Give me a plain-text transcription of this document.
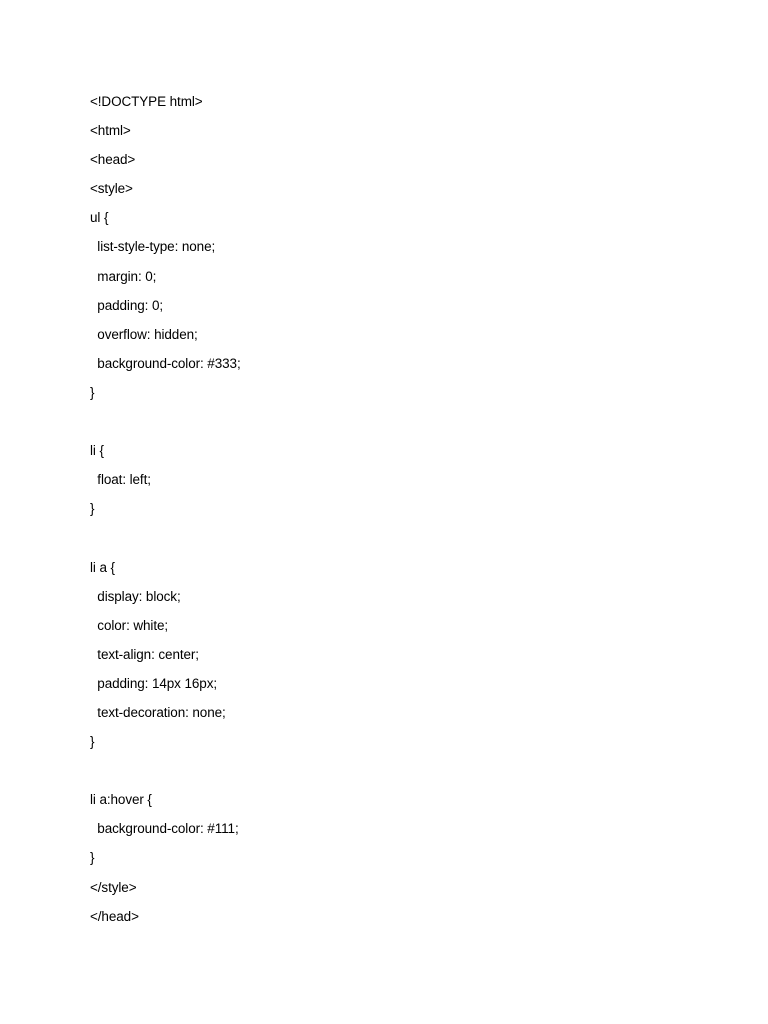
<!DOCTYPE html>
<html>
<head>
<style>
ul {
list-style-type: none;
margin: 0;
padding: 0;
overflow: hidden;
background-color: #333;
}
li {
float: left;
}
li a {
display: block;
color: white;
text-align: center;
padding: 14px 16px;
text-decoration: none;
}
li a:hover {
background-color: #111;
}
</style>
</head>
